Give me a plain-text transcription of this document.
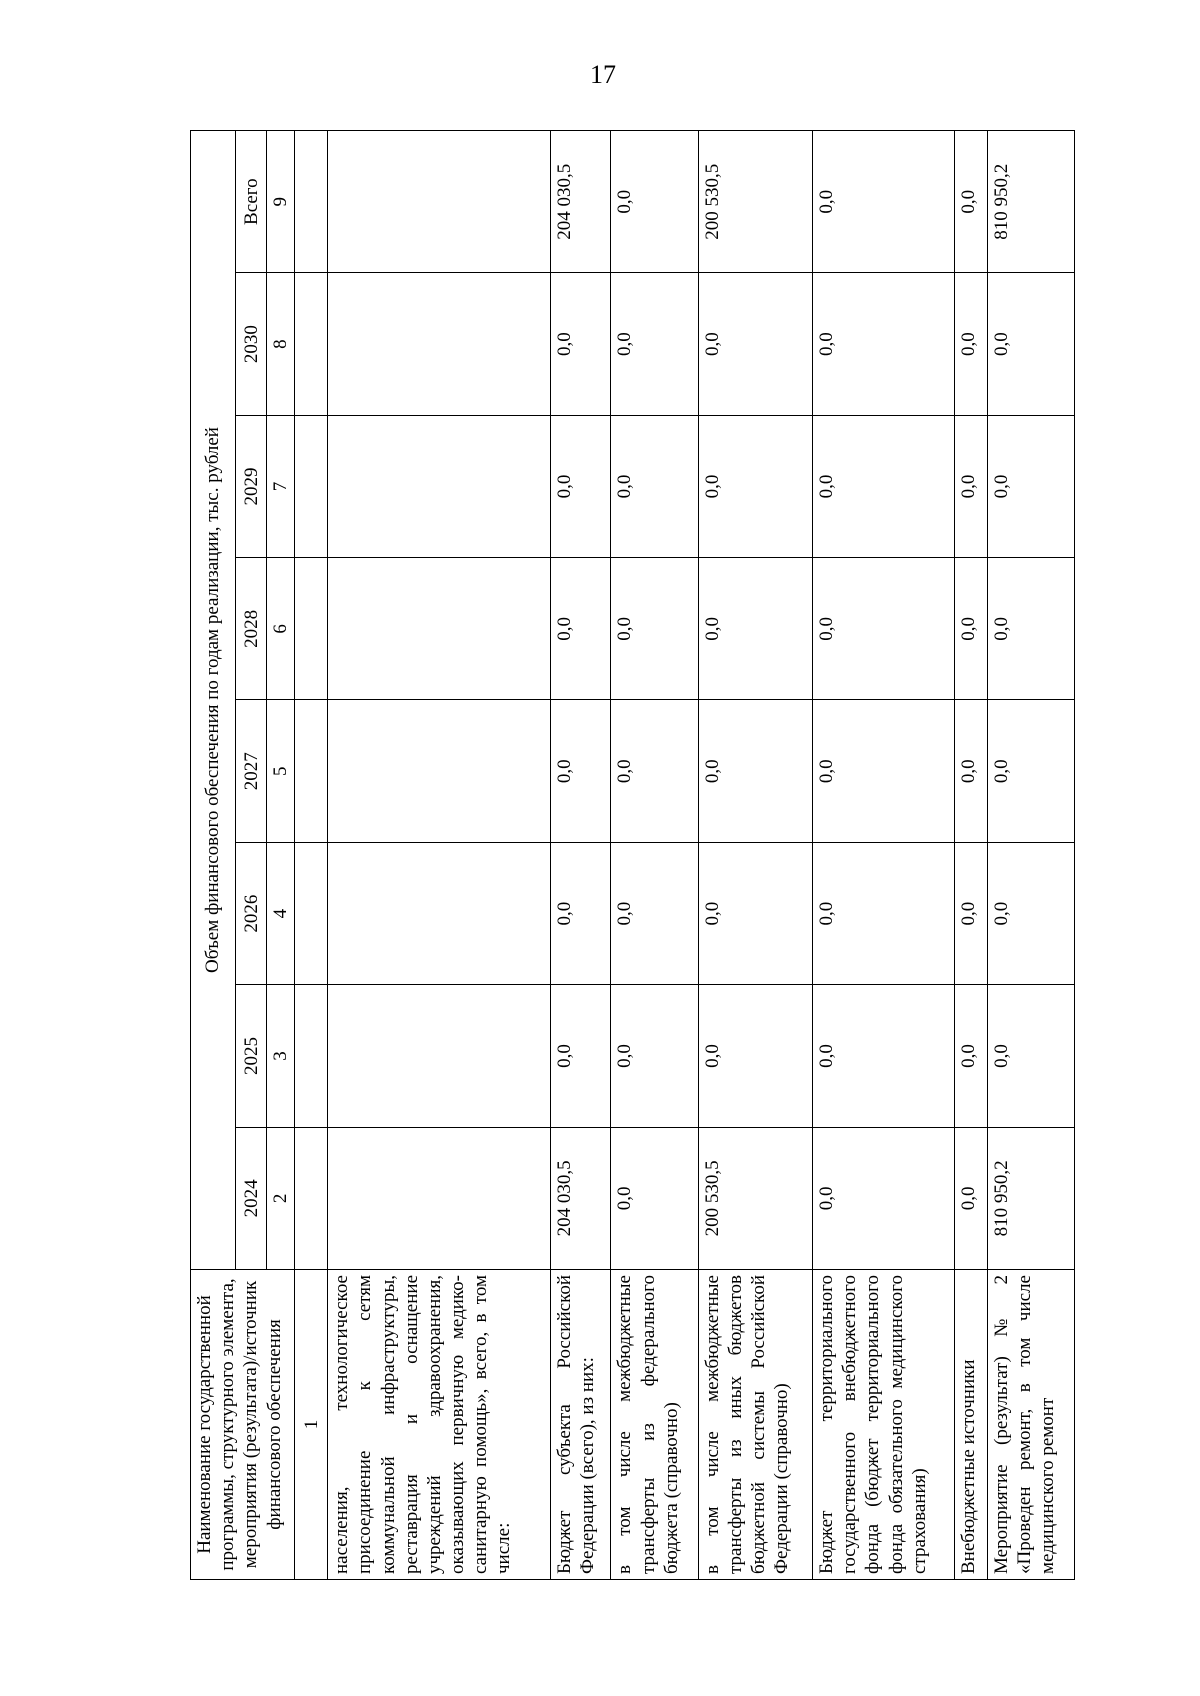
17
Наименование государственной программы, структурного элемента, мероприятия (результата)/источник финансового обеспечения	Объем финансового обеспечения по годам реализации, тыс. рублей							
	2024	2025	2026	2027	2028	2029	2030	Всего
	2	3	4	5	6	7	8	9
1								
населения, технологическое присоединение к сетям коммунальной инфраструктуры, реставрация и оснащение учреждений здравоохранения, оказывающих первичную медико-санитарную помощь», всего, в том числе:								
Бюджет субъекта Российской Федерации (всего), из них:	204 030,5	0,0	0,0	0,0	0,0	0,0	0,0	204 030,5
в том числе межбюджетные трансферты из федерального бюджета (справочно)	0,0	0,0	0,0	0,0	0,0	0,0	0,0	0,0
в том числе межбюджетные трансферты из иных бюджетов бюджетной системы Российской Федерации (справочно)	200 530,5	0,0	0,0	0,0	0,0	0,0	0,0	200 530,5
Бюджет территориального государственного внебюджетного фонда (бюджет территориального фонда обязательного медицинского страхования)	0,0	0,0	0,0	0,0	0,0	0,0	0,0	0,0
Внебюджетные источники	0,0	0,0	0,0	0,0	0,0	0,0	0,0	0,0
Мероприятие (результат) № 2 «Проведен ремонт, в том числе медицинского ремонт	810 950,2	0,0	0,0	0,0	0,0	0,0	0,0	810 950,2
